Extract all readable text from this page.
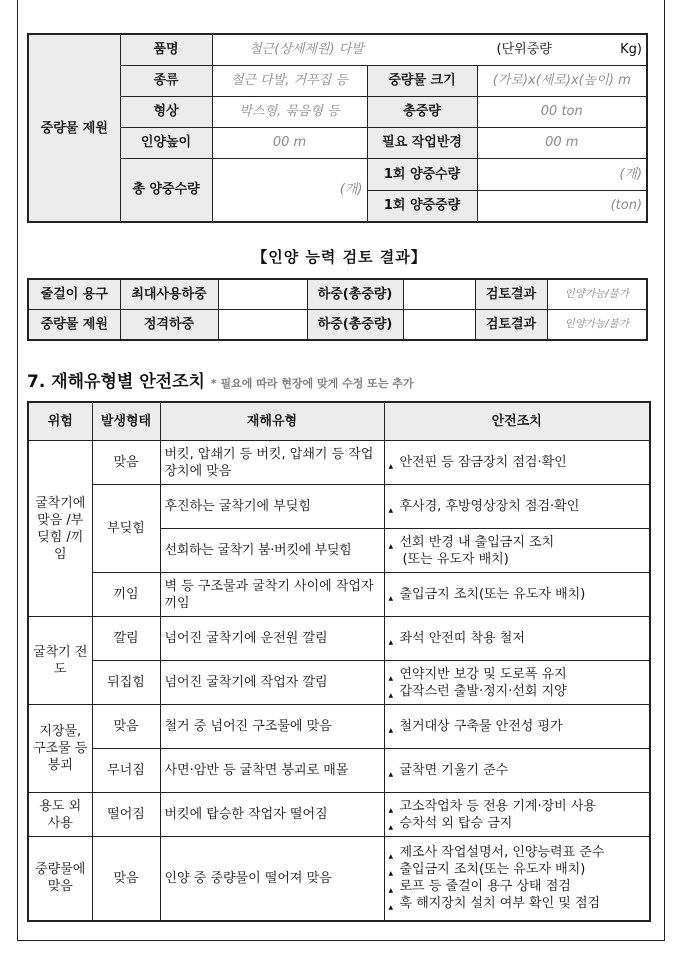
중량물 제원	품명	철근(상세제원) 다발 (단위중량 Kg)		

	종류	철근 다발, 거푸집 등	중량물 크기	(가로)x(세로)x(높이) m
	형상	박스형, 묶음형 등	총중량	00 ton
	인양높이	00 m	필요 작업반경	00 m
	총 양중수량	(개)	1회 양중수량	(개)
			1회 양중중량	(ton)
【인양 능력 검토 결과】
줄걸이 용구	최대사용하중		하중(총중량)		검토결과	인양가능/불가
중량물 제원	정격하중		하중(총중량)		검토결과	인양가능/불가
7. 재해유형별 안전조치 * 필요에 따라 현장에 맞게 수정 또는 추가
위험	발생형태	재해유형	안전조치
굴착기에 맞음 /부딪힘 /끼임	맞음	버킷, 압쇄기 등 버킷, 압쇄기 등 작업장치에 맞음	▲ 안전핀 등 잠금장치 점검·확인

	부딪힘	후진하는 굴착기에 부딪힘	▲ 후사경, 후방영상장치 점검·확인

		선회하는 굴착기 붐·버킷에 부딪힘	▲ 선회 반경 내 출입금지 조치
(또는 유도자 배치)

	끼임	벽 등 구조물과 굴착기 사이에 작업자 끼임	▲ 출입금지 조치(또는 유도자 배치)

굴착기 전도	깔림	넘어진 굴착기에 운전원 깔림	▲ 좌석 안전띠 착용 철저

	뒤집힘	넘어진 굴착기에 작업자 깔림	▲ 연약지반 보강 및 도로폭 유지
▲ 갑작스런 출발·정지·선회 지양

지장물, 구조물 등 붕괴	맞음	철거 중 넘어진 구조물에 맞음	▲ 철거대상 구축물 안전성 평가

	무너짐	사면·암반 등 굴착면 붕괴로 매몰	▲ 굴착면 기울기 준수

용도 외 사용	떨어짐	버킷에 탑승한 작업자 떨어짐	▲ 고소작업차 등 전용 기계·장비 사용
▲ 승차석 외 탑승 금지

중량물에 맞음	맞음	인양 중 중량물이 떨어져 맞음	▲ 제조사 작업설명서, 인양능력표 준수
▲ 출입금지 조치(또는 유도자 배치)
▲ 로프 등 줄걸이 용구 상태 점검
▲ 훅 해지장치 설치 여부 확인 및 점검
